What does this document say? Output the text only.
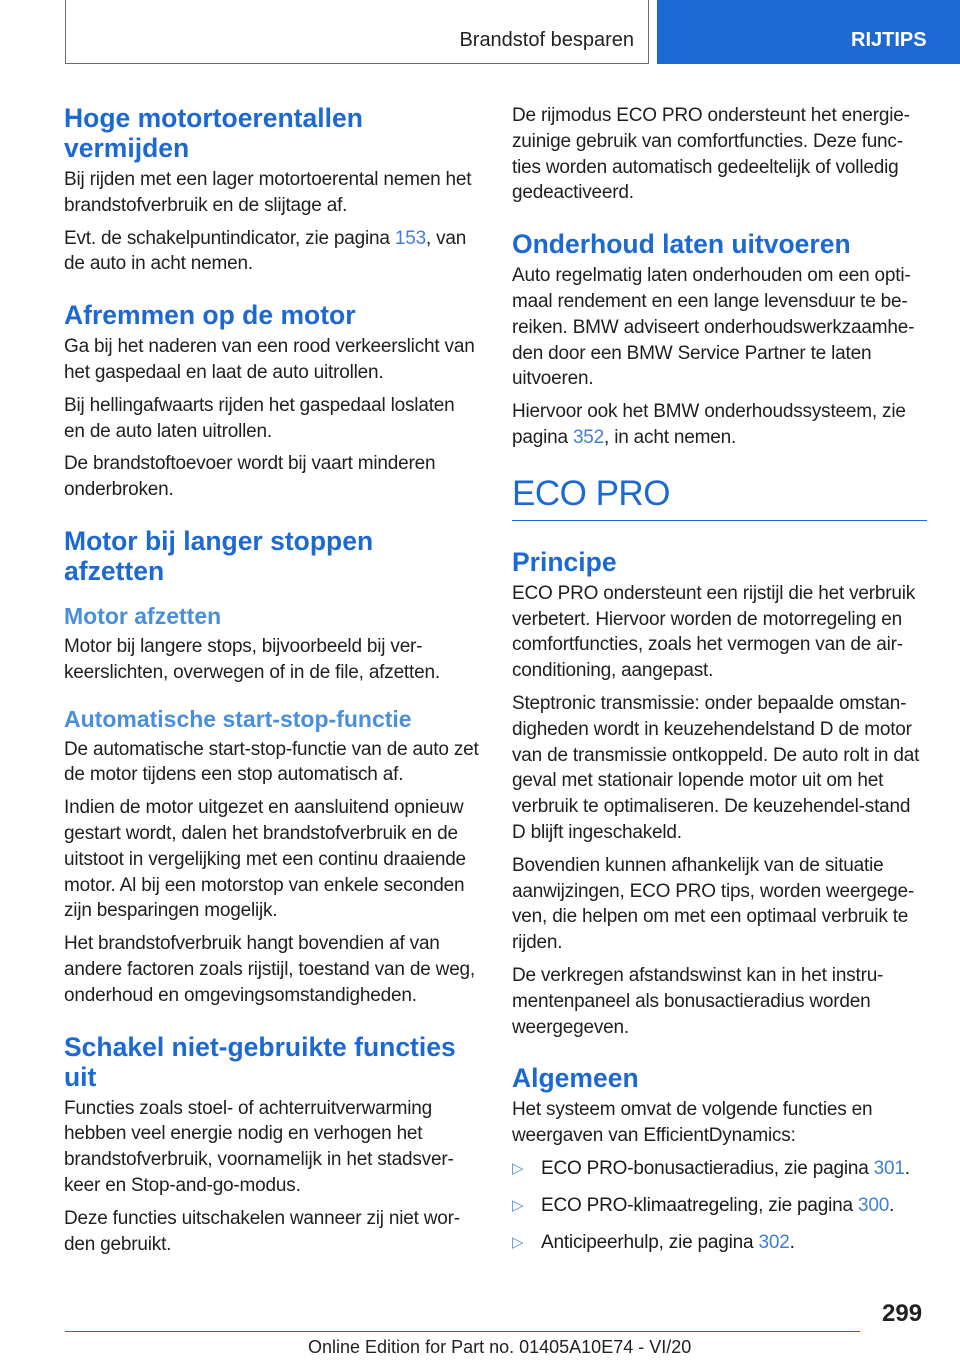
Brandstof besparen	RIJTIPS
Hoge motortoerentallen vermijden

Bij rijden met een lager motortoerental nemen het brandstofverbruik en de slijtage af.

Evt. de schakelpuntindicator, zie pagina 153, van de auto in acht nemen.

Afremmen op de motor

Ga bij het naderen van een rood verkeerslicht van het gaspedaal en laat de auto uitrollen.

Bij hellingafwaarts rijden het gaspedaal loslaten en de auto laten uitrollen.

De brandstoftoevoer wordt bij vaart minderen onderbroken.

Motor bij langer stoppen afzetten
Motor afzetten

Motor bij langere stops, bijvoorbeeld bij ver‐keerslichten, overwegen of in de file, afzetten.

Automatische start-stop-functie

De automatische start-stop-functie van de auto zet de motor tijdens een stop automatisch af.

Indien de motor uitgezet en aansluitend opnieuw gestart wordt, dalen het brandstofverbruik en de uitstoot in vergelijking met een continu draaiende motor. Al bij een motorstop van enkele seconden zijn besparingen mogelijk.

Het brandstofverbruik hangt bovendien af van andere factoren zoals rijstijl, toestand van de weg, onderhoud en omgevingsomstandigheden.

Schakel niet-gebruikte functies uit

Functies zoals stoel- of achterruitverwarming hebben veel energie nodig en verhogen het brandstofverbruik, voornamelijk in het stadsver‐keer en Stop-and-go-modus.

Deze functies uitschakelen wanneer zij niet wor‐den gebruikt.

De rijmodus ECO PRO ondersteunt het energie‐zuinige gebruik van comfortfuncties. Deze func‐ties worden automatisch gedeeltelijk of volledig gedeactiveerd.

Onderhoud laten uitvoeren

Auto regelmatig laten onderhouden om een opti‐maal rendement en een lange levensduur te be‐reiken. BMW adviseert onderhoudswerkzaamhe‐den door een BMW Service Partner te laten uitvoeren.

Hiervoor ook het BMW onderhoudssysteem, zie pagina 352, in acht nemen.

ECO PRO
Principe

ECO PRO ondersteunt een rijstijl die het verbruik verbetert. Hiervoor worden de motorregeling en comfortfuncties, zoals het vermogen van de air‐conditioning, aangepast.

Steptronic transmissie: onder bepaalde omstan‐digheden wordt in keuzehendelstand D de motor van de transmissie ontkoppeld. De auto rolt in dat geval met stationair lopende motor uit om het verbruik te optimaliseren. De keuzehendel‐stand D blijft ingeschakeld.

Bovendien kunnen afhankelijk van de situatie aanwijzingen, ECO PRO tips, worden weergege‐ven, die helpen om met een optimaal verbruik te rijden.

De verkregen afstandswinst kan in het instru‐mentenpaneel als bonusactieradius worden weergegeven.

Algemeen

Het systeem omvat de volgende functies en weergaven van EfficientDynamics:

▷ ECO PRO-bonusactieradius, zie pagina 301.
▷ ECO PRO-klimaatregeling, zie pagina 300.
▷ Anticipeerhulp, zie pagina 302.
299
Online Edition for Part no. 01405A10E74 - VI/20
